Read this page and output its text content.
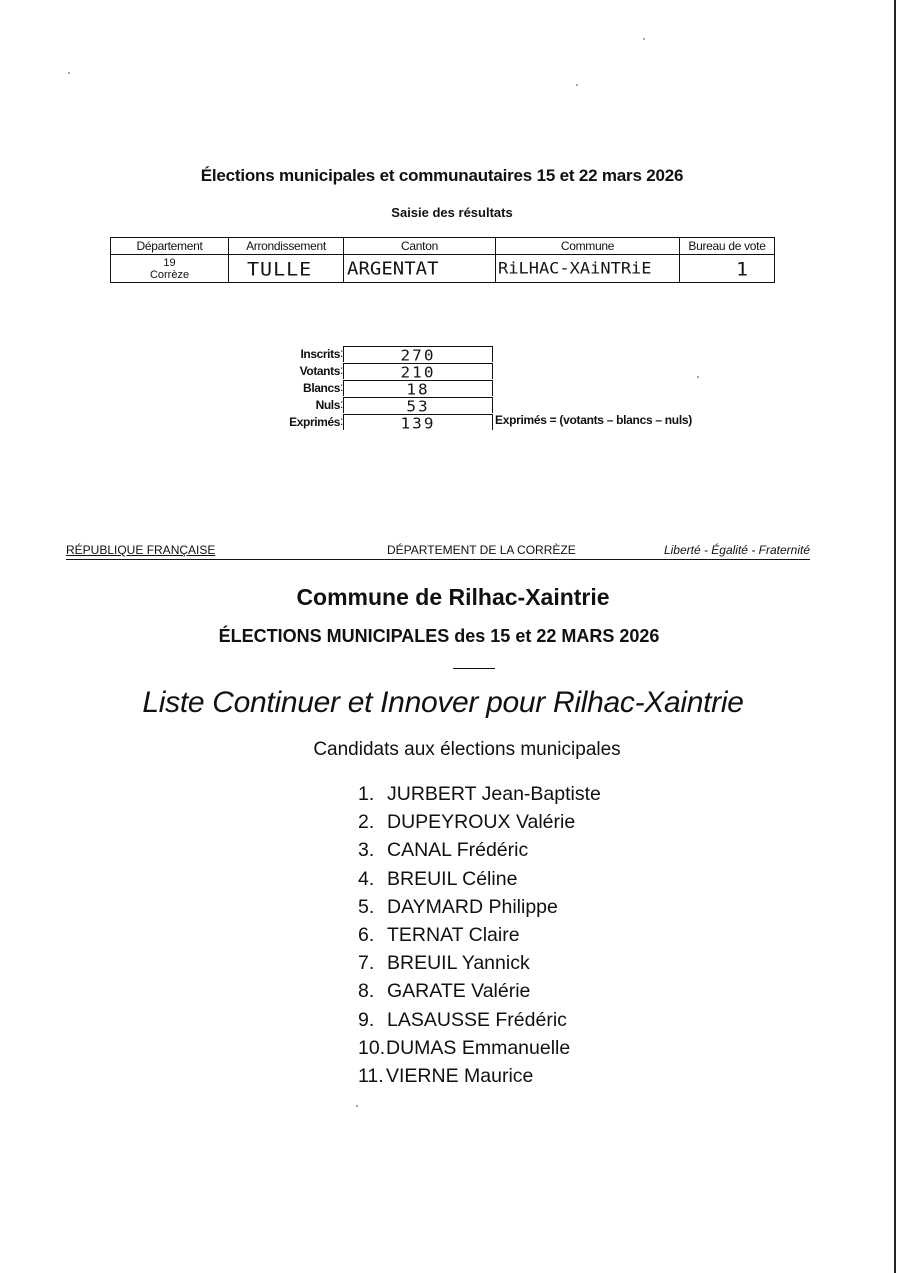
Élections municipales et communautaires 15 et 22 mars 2026
Saisie des résultats
Département	Arrondissement	Canton	Commune	Bureau de vote

19
Corrèze	TULLE	ARGENTAT	RiLHAC-XAiNTRiE	1
Inscrits :	270
Votants :	210
Blancs :	18
Nuls :	53
Exprimés :	139	Exprimés = (votants – blancs – nuls)
RÉPUBLIQUE FRANÇAISE	DÉPARTEMENT DE LA CORRÈZE	Liberté - Égalité - Fraternité
Commune de Rilhac-Xaintrie
ÉLECTIONS MUNICIPALES des 15 et 22 MARS 2026
Liste Continuer et Innover pour Rilhac-Xaintrie
Candidats aux élections municipales
1. JURBERT Jean-Baptiste
2. DUPEYROUX Valérie
3. CANAL Frédéric
4. BREUIL Céline
5. DAYMARD Philippe
6. TERNAT Claire
7. BREUIL Yannick
8. GARATE Valérie
9. LASAUSSE Frédéric
10.DUMAS Emmanuelle
11. VIERNE Maurice
